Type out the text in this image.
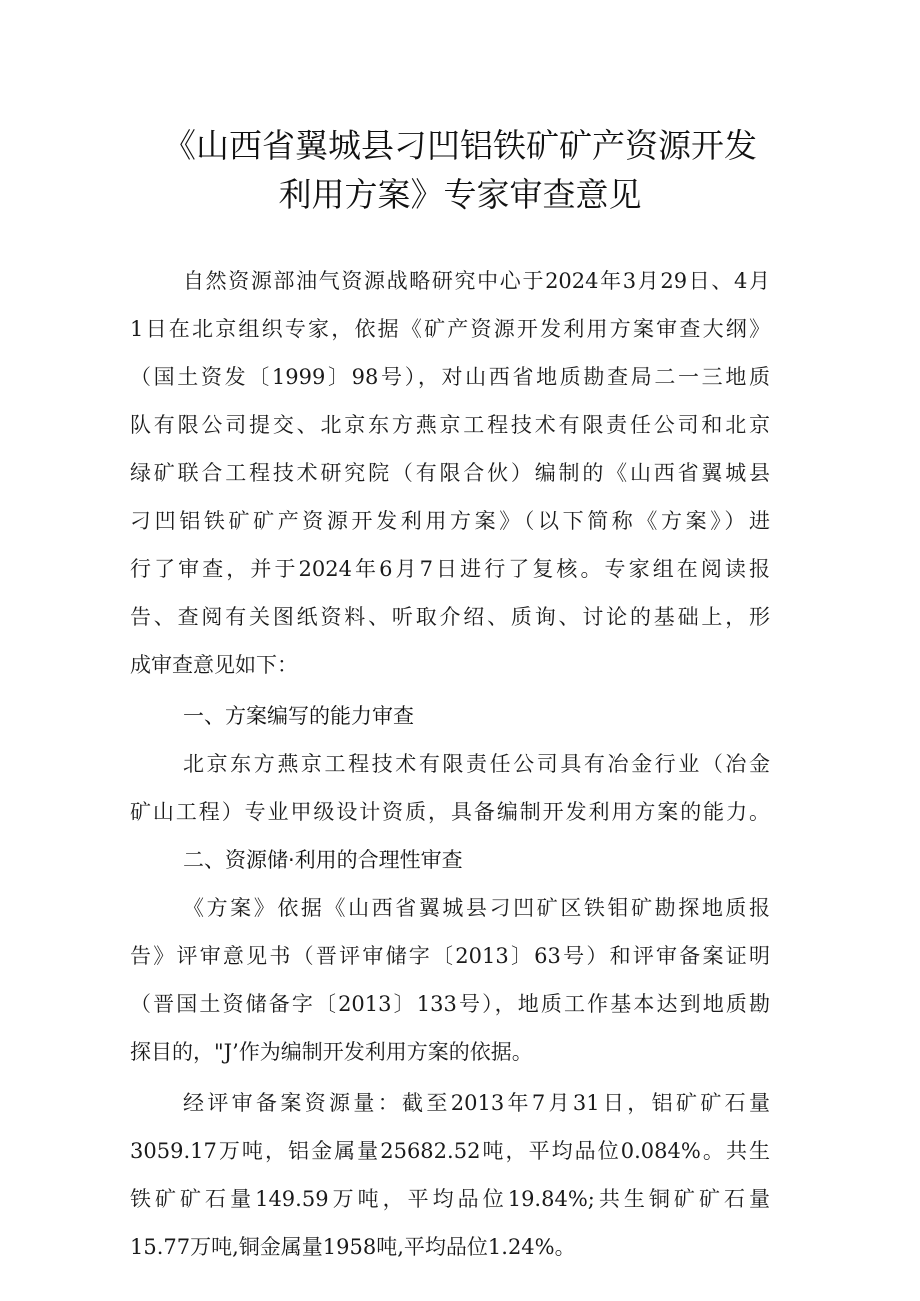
《山西省翼城县刁凹铝铁矿矿产资源开发
利用方案》专家审查意见
自然资源部油气资源战略研究中心于2024年3月29日、4月
1日在北京组织专家，依据《矿产资源开发利用方案审查大纲》
（国土资发〔1999〕98号），对山西省地质勘查局二一三地质
队有限公司提交、北京东方燕京工程技术有限责任公司和北京
绿矿联合工程技术研究院（有限合伙）编制的《山西省翼城县
刁凹铝铁矿矿产资源开发利用方案》（以下简称《方案》）进
行了审查，并于2024年6月7日进行了复核。专家组在阅读报
告、查阅有关图纸资料、听取介绍、质询、讨论的基础上，形
成审查意见如下：
一、方案编写的能力审查
北京东方燕京工程技术有限责任公司具有冶金行业（冶金
矿山工程）专业甲级设计资质，具备编制开发利用方案的能力。
二、资源储·利用的合理性审查
《方案》依据《山西省翼城县刁凹矿区铁钼矿勘探地质报
告》评审意见书（晋评审储字〔2013〕63号）和评审备案证明
（晋国土资储备字〔2013〕133号），地质工作基本达到地质勘
探目的，"J’作为编制开发利用方案的依据。
经评审备案资源量：截至2013年7月31日，铝矿矿石量
3059.17万吨，铝金属量25682.52吨，平均品位0.084%。共生
铁矿矿石量149.59万吨，平均品位19.84%;共生铜矿矿石量
15.77万吨,铜金属量1958吨,平均品位1.24%。
